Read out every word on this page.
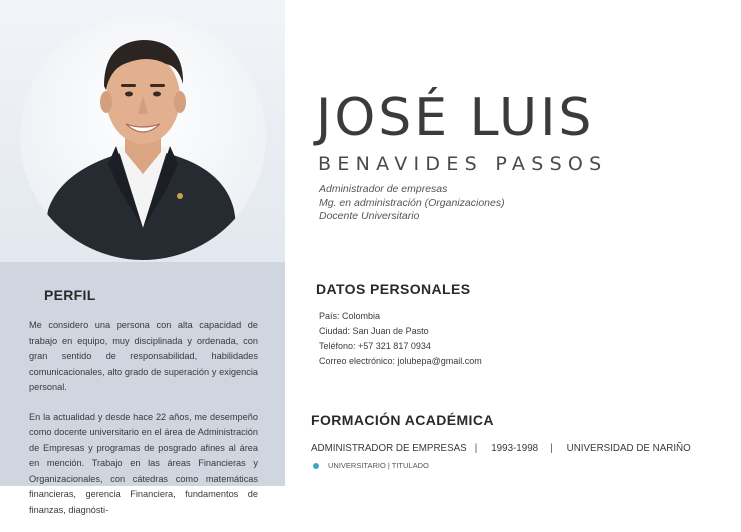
PERFIL

Me considero una persona con alta capacidad de trabajo en equipo, muy disciplinada y ordenada, con gran sentido de responsabilidad, habilidades comunicacionales, alto grado de superación y exigencia personal.

En la actualidad y desde hace 22 años, me desempeño como docente universitario en el área de Administración de Empresas y programas de posgrado afines al área en mención. Trabajo en las áreas Financieras y Organizacionales, con cátedras como matemáticas financieras, gerencia Financiera, fundamentos de finanzas, diagnósti-

JOSÉ LUIS
BENAVIDES PASSOS
Administrador de empresas
Mg. en administración (Organizaciones)
Docente Universitario
DATOS PERSONALES
País: Colombia
Ciudad: San Juan de Pasto
Teléfono: +57 321 817 0934
Correo electrónico: jolubepa@gmail.com
FORMACIÓN ACADÉMICA
ADMINISTRADOR DE EMPRESAS | 1993-1998 | UNIVERSIDAD DE NARIÑO
UNIVERSITARIO | TITULADO
